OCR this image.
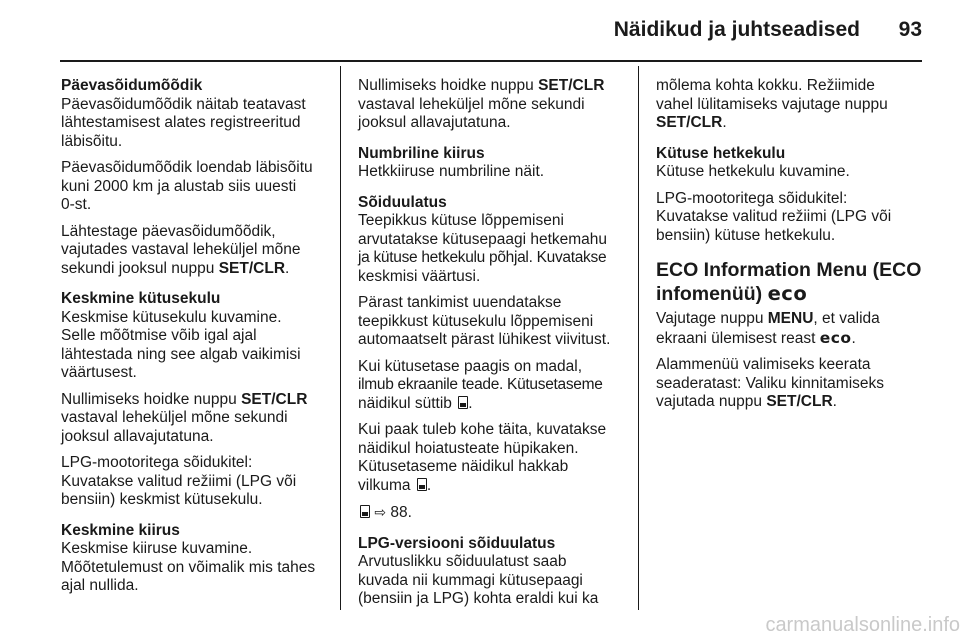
Näidikud ja juhtseadised	93
Päevasõidumõõdik

Päevasõidumõõdik näitab teatavast
lähtestamisest alates registreeritud
läbisõitu.

Päevasõidumõõdik loendab läbisõitu
kuni 2000 km ja alustab siis uuesti
0-st.

Lähtestage päevasõidumõõdik,
vajutades vastaval leheküljel mõne
sekundi jooksul nuppu SET/CLR.

Keskmine kütusekulu

Keskmise kütusekulu kuvamine.
Selle mõõtmise võib igal ajal
lähtestada ning see algab vaikimisi
väärtusest.

Nullimiseks hoidke nuppu SET/CLR
vastaval leheküljel mõne sekundi
jooksul allavajutatuna.

LPG-mootoritega sõidukitel:
Kuvatakse valitud režiimi (LPG või
bensiin) keskmist kütusekulu.

Keskmine kiirus

Keskmise kiiruse kuvamine.
Mõõtetulemust on võimalik mis tahes
ajal nullida.

Nullimiseks hoidke nuppu SET/CLR
vastaval leheküljel mõne sekundi
jooksul allavajutatuna.

Numbriline kiirus

Hetkkiiruse numbriline näit.

Sõiduulatus

Teepikkus kütuse lõppemiseni
arvutatakse kütusepaagi hetkemahu
ja kütuse hetkekulu põhjal. Kuvatakse
keskmisi väärtusi.

Pärast tankimist uuendatakse
teepikkust kütusekulu lõppemiseni
automaatselt pärast lühikest viivitust.

Kui kütusetase paagis on madal,
ilmub ekraanile teade. Kütusetaseme
näidikul süttib .

Kui paak tuleb kohe täita, kuvatakse
näidikul hoiatusteate hüpikaken.
Kütusetaseme näidikul hakkab
vilkuma .

⇨ 88.

LPG-versiooni sõiduulatus

Arvutuslikku sõiduulatust saab
kuvada nii kummagi kütusepaagi
(bensiin ja LPG) kohta eraldi kui ka

mõlema kohta kokku. Režiimide
vahel lülitamiseks vajutage nuppu
SET/CLR.

Kütuse hetkekulu

Kütuse hetkekulu kuvamine.

LPG-mootoritega sõidukitel:
Kuvatakse valitud režiimi (LPG või
bensiin) kütuse hetkekulu.

ECO Information Menu (ECO
infomenüü) eco

Vajutage nuppu MENU, et valida
ekraani ülemisest reast eco.

Alammenüü valimiseks keerata
seaderatast: Valiku kinnitamiseks
vajutada nuppu SET/CLR.

carmanualsonline.info
